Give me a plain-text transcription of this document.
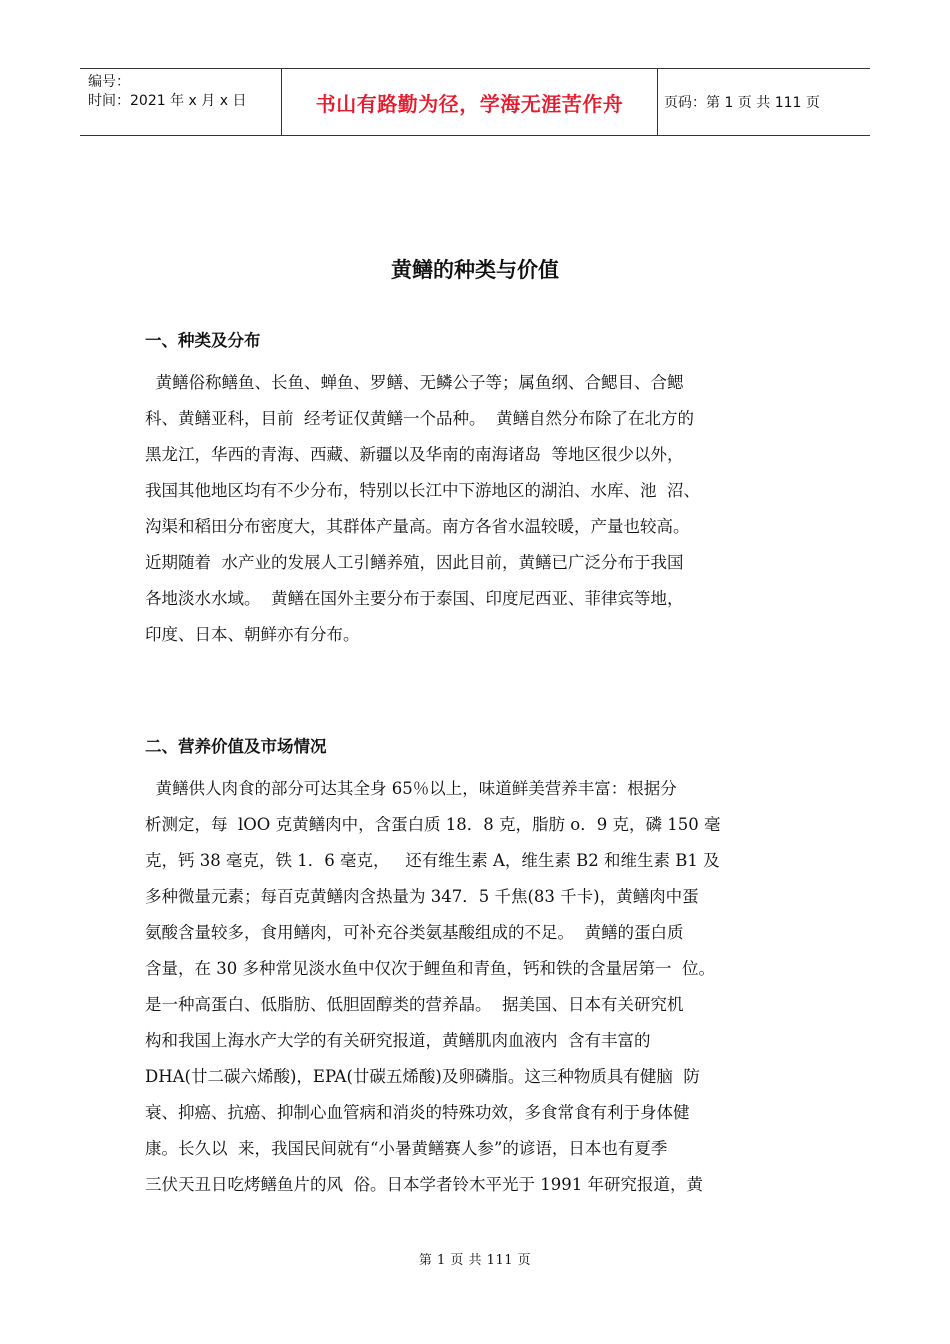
编号：
时间：2021 年 x 月 x 日	书山有路勤为径，学海无涯苦作舟	页码：第 1 页 共 111 页
黄鳝的种类与价值
一、种类及分布
黄鳝俗称鳝鱼、长鱼、蝉鱼、罗鳝、无鳞公子等；属鱼纲、合鳃目、合鳃
科、黄鳝亚科，目前  经考证仅黄鳝一个品种。  黄鳝自然分布除了在北方的
黑龙江，华西的青海、西藏、新疆以及华南的南海诸岛  等地区很少以外，
我国其他地区均有不少分布，特别以长江中下游地区的湖泊、水库、池  沼、
沟渠和稻田分布密度大，其群体产量高。南方各省水温较暖，产量也较高。
近期随着  水产业的发展人工引鳝养殖，因此目前，黄鳝已广泛分布于我国
各地淡水水域。  黄鳝在国外主要分布于泰国、印度尼西亚、菲律宾等地，
印度、日本、朝鲜亦有分布。
二、营养价值及市场情况
黄鳝供人肉食的部分可达其全身 65％以上，味道鲜美营养丰富：根据分
析测定，每  lOO 克黄鳝肉中，含蛋白质 18．8 克，脂肪 o．9 克，磷 150 毫
克，钙 38 毫克，铁 1．6 毫克，   还有维生素 A，维生素 B2 和维生素 B1 及
多种微量元素；每百克黄鳝肉含热量为 347．5 千焦(83 千卡)，黄鳝肉中蛋
氨酸含量较多，食用鳝肉，可补充谷类氨基酸组成的不足。  黄鳝的蛋白质
含量，在 30 多种常见淡水鱼中仅次于鲤鱼和青鱼，钙和铁的含量居第一  位。
是一种高蛋白、低脂肪、低胆固醇类的营养晶。  据美国、日本有关研究机
构和我国上海水产大学的有关研究报道，黄鳝肌肉血液内  含有丰富的
DHA(廿二碳六烯酸)，EPA(廿碳五烯酸)及卵磷脂。这三种物质具有健脑  防
衰、抑癌、抗癌、抑制心血管病和消炎的特殊功效，多食常食有利于身体健
康。长久以  来，我国民间就有“小暑黄鳝赛人参”的谚语，日本也有夏季
三伏天丑日吃烤鳝鱼片的风  俗。日本学者铃木平光于 1991 年研究报道，黄
第 1 页 共 111 页
